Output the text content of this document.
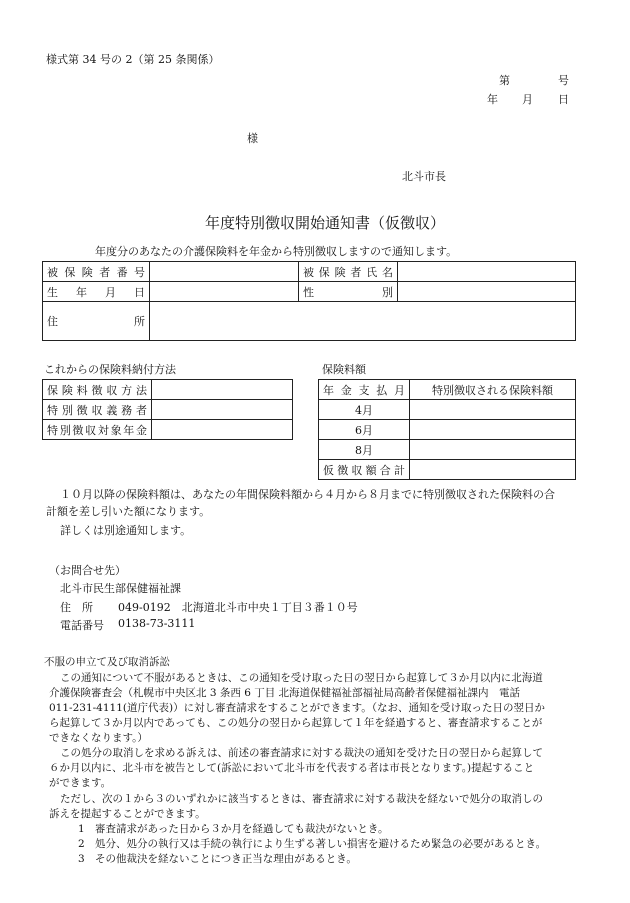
様式第 34 号の 2（第 25 条関係）
第	号
年 月 日
様
北斗市長
年度特別徴収開始通知書（仮徴収）
年度分のあなたの介護保険料を年金から特別徴収しますので通知します。
被保険者番号		被保険者氏名	

生年月日		性別	

住所			

これからの保険料納付方法
保険料徴収方法	

特別徴収義務者	

特別徴収対象年金	

保険料額
年金支払月	特別徴収される保険料額
4月	
6月	
8月	

仮徴収額合計	

１０月以降の保険料額は、あなたの年間保険料額から４月から８月までに特別徴収された保険料の合
計額を差し引いた額になります。
詳しくは別途通知します。
（お問合せ先）
北斗市民生部保健福祉課
住　所 049-0192　北海道北斗市中央１丁目３番１０号
電話番号 0138-73-3111
不服の申立て及び取消訴訟
この通知について不服があるときは、この通知を受け取った日の翌日から起算して３か月以内に北海道
介護保険審査会（札幌市中央区北 3 条西 6 丁目 北海道保健福祉部福祉局高齢者保健福祉課内　電話
011-231-4111(道庁代表)）に対し審査請求をすることができます。（なお、通知を受け取った日の翌日か
ら起算して３か月以内であっても、この処分の翌日から起算して１年を経過すると、審査請求することが
できなくなります。）
この処分の取消しを求める訴えは、前述の審査請求に対する裁決の通知を受けた日の翌日から起算して
６か月以内に、北斗市を被告として(訴訟において北斗市を代表する者は市長となります。)提起すること
ができます。
ただし、次の１から３のいずれかに該当するときは、審査請求に対する裁決を経ないで処分の取消しの
訴えを提起することができます。
1 審査請求があった日から３か月を経過しても裁決がないとき。
2 処分、処分の執行又は手続の執行により生ずる著しい損害を避けるため緊急の必要があるとき。
3 その他裁決を経ないことにつき正当な理由があるとき。
